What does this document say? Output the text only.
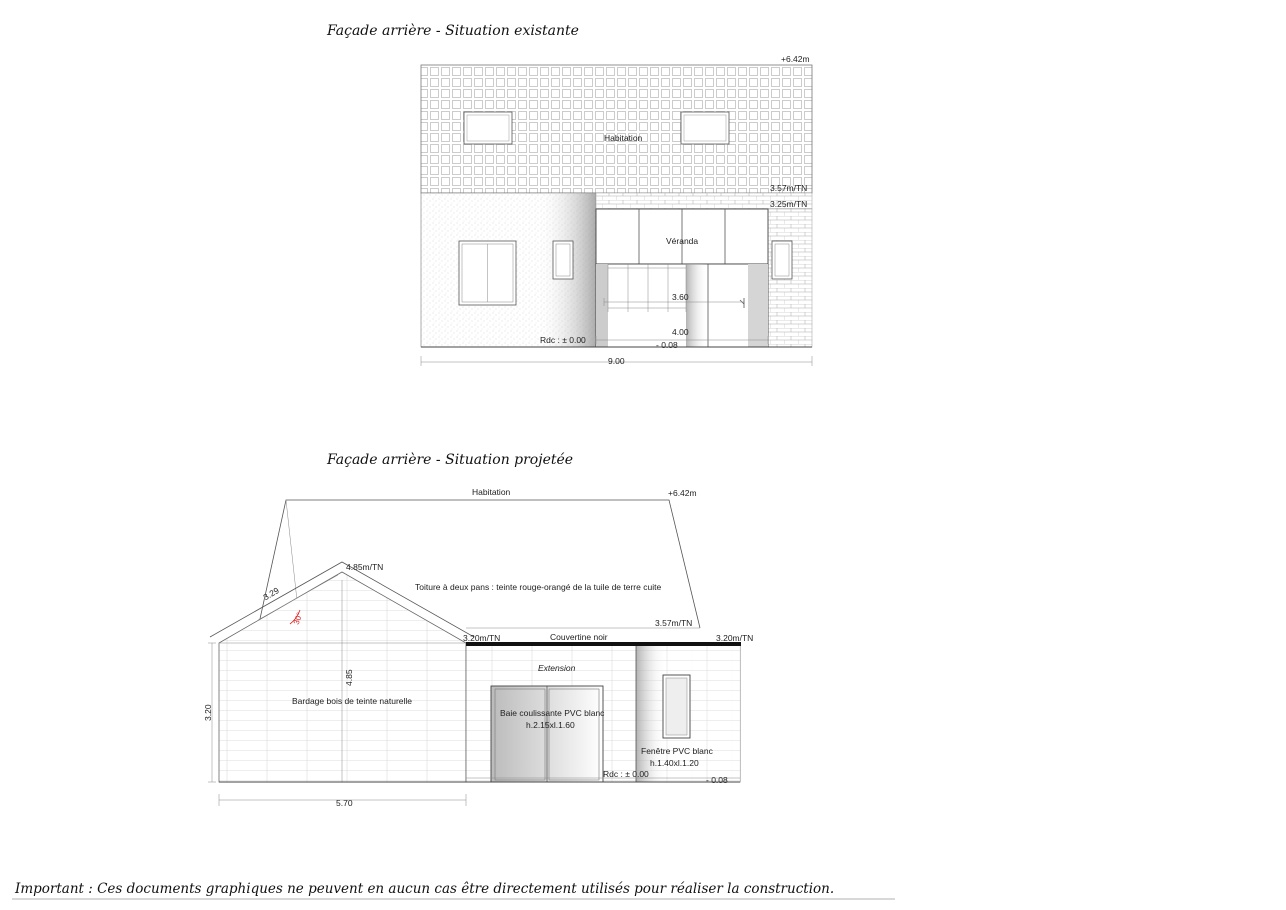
Façade arrière - Situation existante
Véranda
Habitation
3.60
4.00
Rdc : ± 0.00	- 0.08
9.00
+6.42m
3.57m/TN
3.25m/TN
Façade arrière - Situation projetée
Habitation	+6.42m
4.85m/TN
3.29
30°
4.85
Bardage bois de teinte naturelle
Toiture à deux pans : teinte rouge-orangé de la tuile de terre cuite
3.57m/TN
Couvertine noir
3.20m/TN	3.20m/TN
Extension
Baie coulissante PVC blanc
h.2.15xl.1.60
Fenêtre PVC blanc
h.1.40xl.1.20
Rdc : ± 0.00
- 0.08
3.20
5.70
Important : Ces documents graphiques ne peuvent en aucun cas être directement utilisés pour réaliser la construction.
